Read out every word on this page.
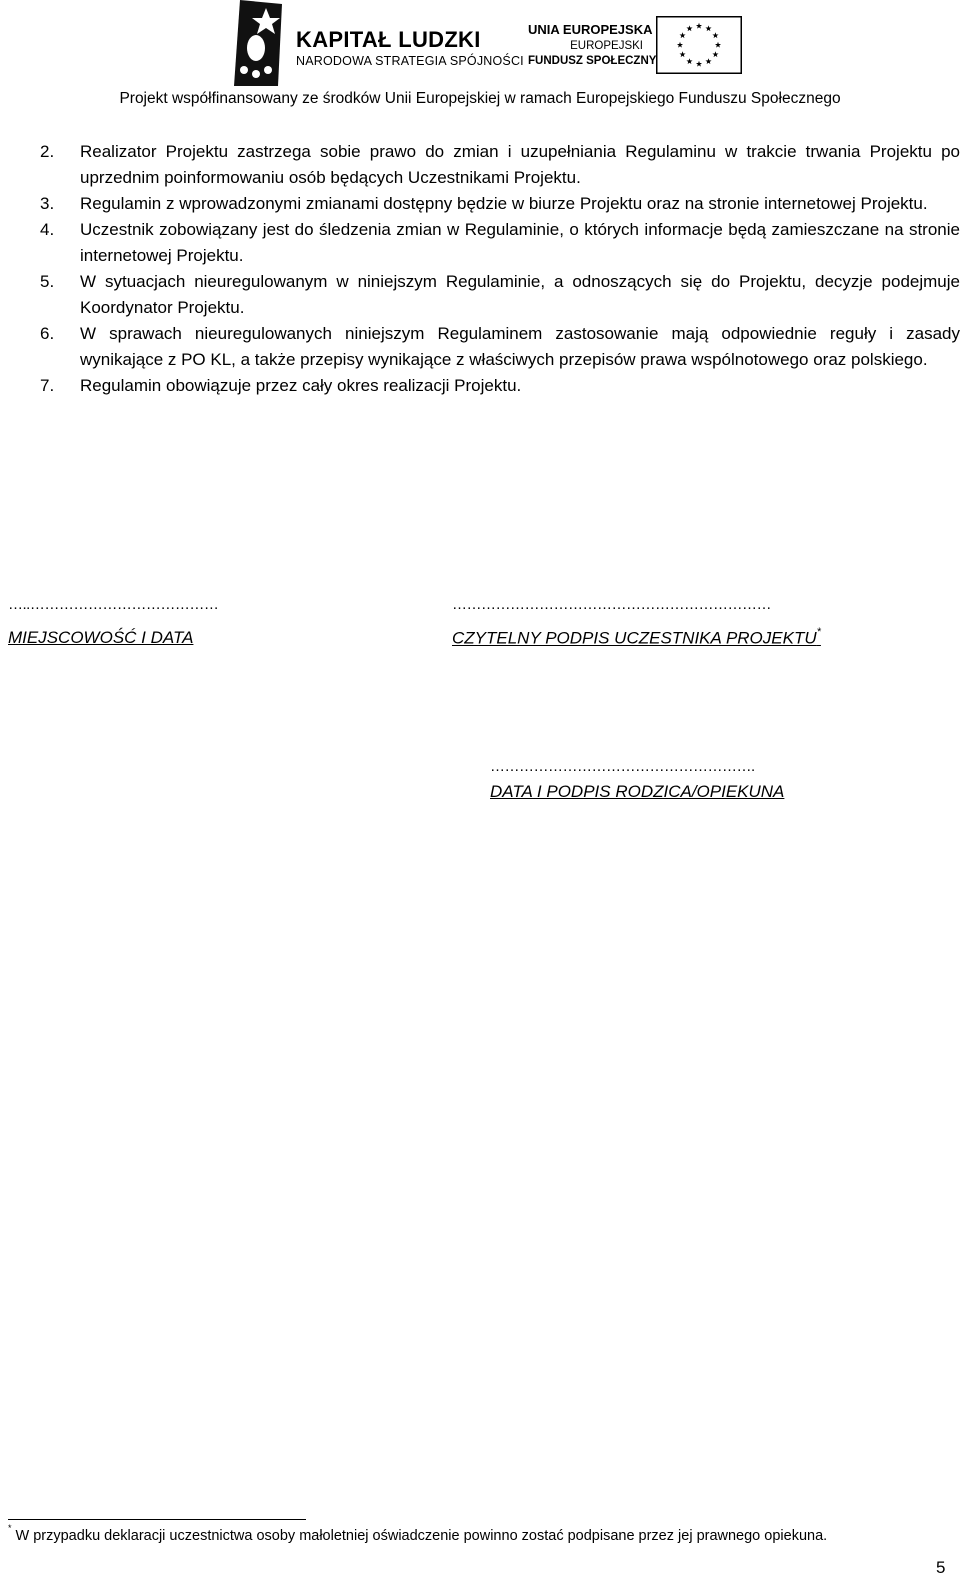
KAPITAŁ LUDZKI
NARODOWA STRATEGIA SPÓJNOŚCI
UNIA EUROPEJSKA
EUROPEJSKI
FUNDUSZ SPOŁECZNY
Projekt współfinansowany ze środków Unii Europejskiej w ramach Europejskiego Funduszu Społecznego
2.	Realizator Projektu zastrzega sobie prawo do zmian i uzupełniania Regulaminu w trakcie trwania Projektu po uprzednim poinformowaniu osób będących Uczestnikami Projektu.
3.	Regulamin z wprowadzonymi zmianami dostępny będzie w biurze Projektu oraz na stronie internetowej Projektu.
4.	Uczestnik zobowiązany jest do śledzenia zmian w Regulaminie, o których informacje będą zamieszczane na stronie internetowej Projektu.
5.	W sytuacjach nieuregulowanym w niniejszym Regulaminie, a odnoszących się do Projektu, decyzje podejmuje Koordynator Projektu.
6.	W sprawach nieuregulowanych niniejszym Regulaminem zastosowanie mają odpowiednie reguły i zasady wynikające z PO KL, a także przepisy wynikające z właściwych przepisów prawa wspólnotowego oraz polskiego.
7.	Regulamin obowiązuje przez cały okres realizacji Projektu.
…..…………………………………
MIEJSCOWOŚĆ I DATA
…………………………………………………………
CZYTELNY PODPIS UCZESTNIKA PROJEKTU*
……………………………………………….
DATA I PODPIS RODZICA/OPIEKUNA
* W przypadku deklaracji uczestnictwa osoby małoletniej oświadczenie powinno zostać podpisane przez jej prawnego opiekuna.
5
